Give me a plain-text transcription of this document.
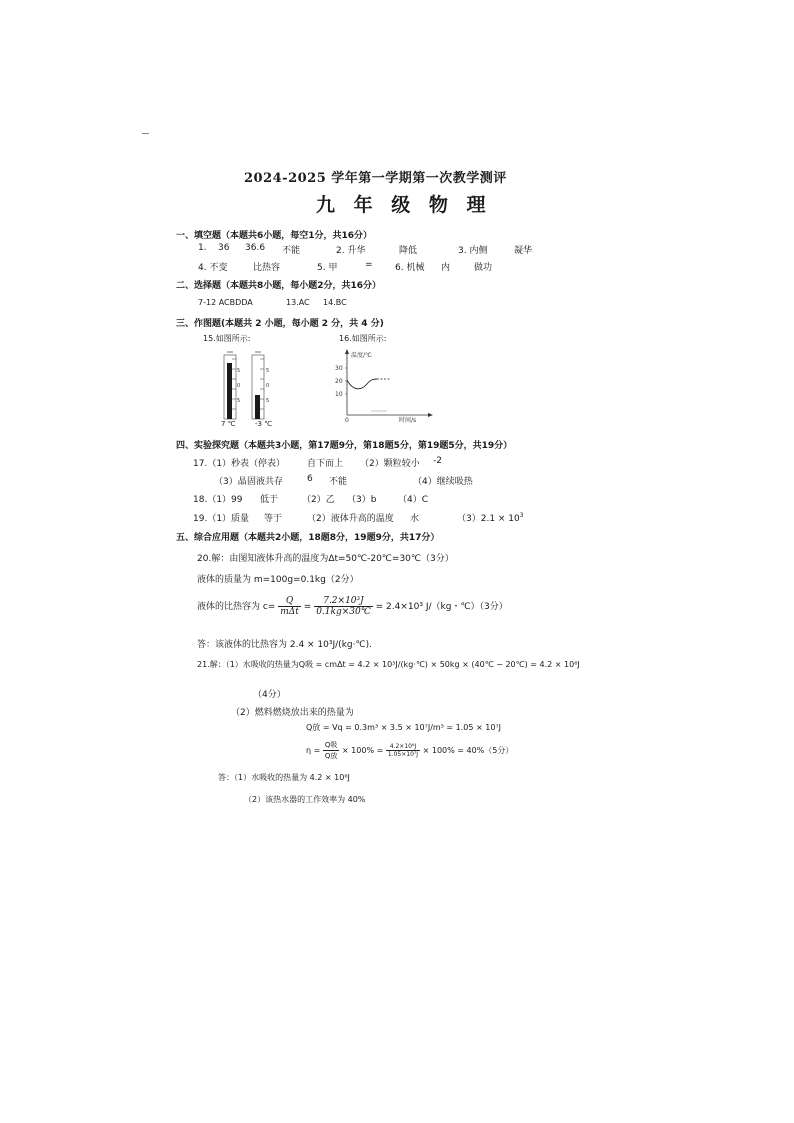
2024-2025 学年第一学期第一次教学测评
九 年 级 物 理
一、填空题（本题共6小题，每空1分，共16分）
1. 36 36.6 不能	2. 升华	降低	3. 内侧	凝华
4. 不变	比热容	5. 甲	= 6. 机械 内	做功
二、选择题（本题共8小题，每小题2分，共16分）
7-12 ACBDDA	13.AC 14.BC
三、作图题(本题共 2 小题，每小题 2 分，共 4 分)
15.如图所示:	16.如图所示:
5
0
5
5
0
5
7 ℃	-3 ℃
30
20
10
温度/℃
0	时间/s
四、实验探究题（本题共3小题，第17题9分，第18题5分，第19题5分，共19分）
17.（1）秒表（停表） 自下而上 （2）颗粒较小 -2
（3）晶 固液共存	6 不能	（4）继续吸热
18.（1）99 低于	（2）乙 （3）b （4）C
19.（1）质量 等于	（2）液体升高的温度 水	$(3)2.1 \times 10^3$
五、综合应用题（本题共2小题，18题8分，19题9分，共17分）
20.解：由图知液体升高的温度为Δt=50℃-20℃=30℃（3分）
液体的质量为 m=100g=0.1kg（2分）
液体的比热容为 $c= \frac{Q}{\text{mΔt}} = \frac{\text{7.2×10³J}}{0.1kg\times 30℃} = 2.4\times 10^3$ J/（kg・℃）（3分）
答：该液体的比热容为 2.4 × 10³J/(kg·℃).
21.解：（1）水吸收的热量为Q吸 = cmΔt = 4.2 × 10³J/(kg·℃) × 50kg × (40℃ − 20℃) = 4.2 × 10⁶J
（4分）
（2）燃料燃烧放出来的热量为
Q放 = Vq = 0.3m³ × 3.5 × 10⁷J/m³ = 1.05 × 10⁷J
$\eta = \frac{\text{Q吸}}{\text{Q放}} \times 100\% = \frac{\text{4.2×10⁶J}}{\text{1.05×10⁷J}} \times 100\% = 40\%(5$分）
答：（1）水吸收的热量为 4.2 × 10⁶J
（2）该热水器的工作效率为 40%
